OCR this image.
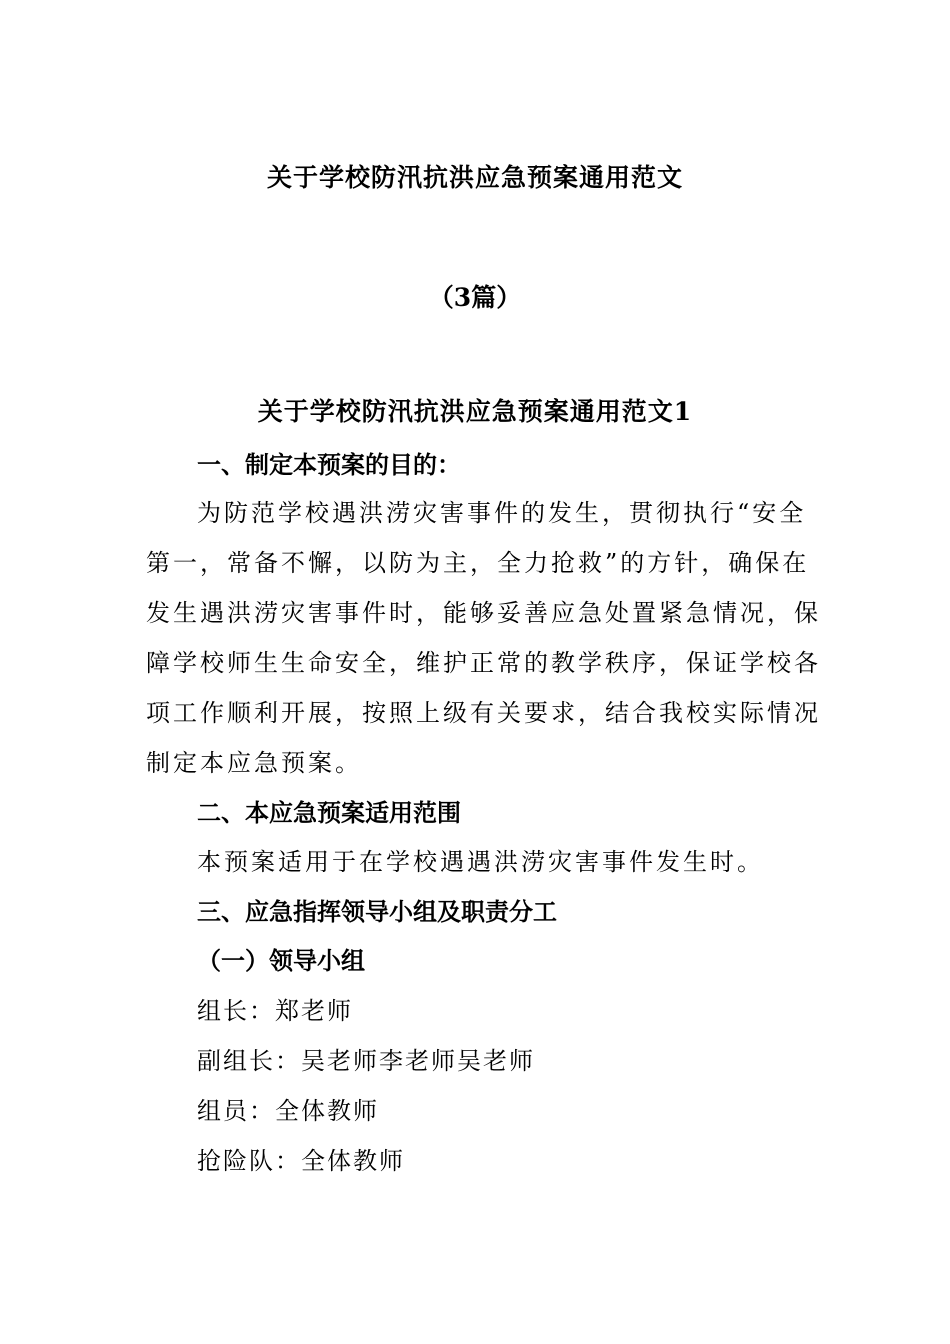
关于学校防汛抗洪应急预案通用范文
（3篇）
关于学校防汛抗洪应急预案通用范文1
一、制定本预案的目的：
为防范学校遇洪涝灾害事件的发生，贯彻执行“安全
第一，常备不懈，以防为主，全力抢救”的方针，确保在
发生遇洪涝灾害事件时，能够妥善应急处置紧急情况，保
障学校师生生命安全，维护正常的教学秩序，保证学校各
项工作顺利开展，按照上级有关要求，结合我校实际情况
制定本应急预案。
二、本应急预案适用范围
本预案适用于在学校遇遇洪涝灾害事件发生时。
三、应急指挥领导小组及职责分工
（一）领导小组
组长：郑老师
副组长：吴老师李老师吴老师
组员：全体教师
抢险队：全体教师
